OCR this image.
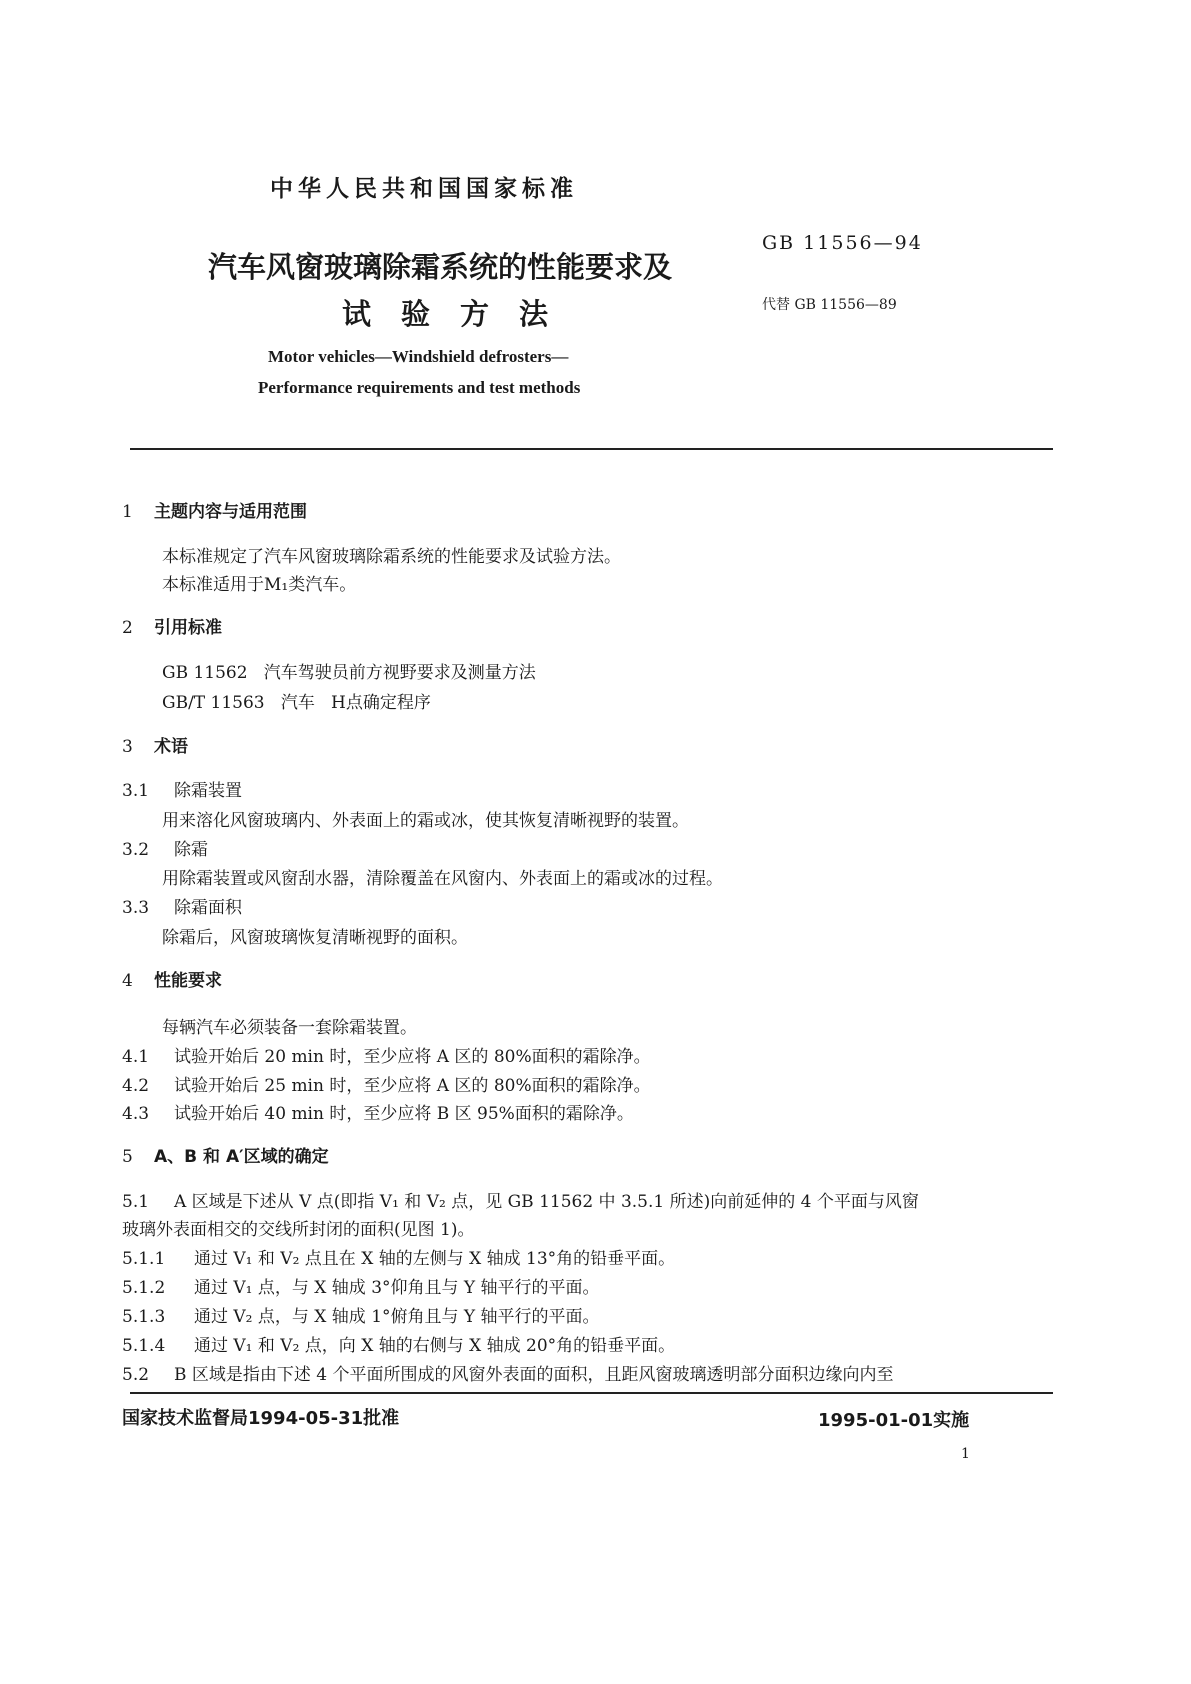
中华人民共和国国家标准
汽车风窗玻璃除霜系统的性能要求及
试验方法
GB 11556—94
代替 GB 11556—89
Motor vehicles—Windshield defrosters—
Performance requirements and test methods
1 主题内容与适用范围
本标准规定了汽车风窗玻璃除霜系统的性能要求及试验方法。
本标准适用于M₁类汽车。
2 引用标准
GB 11562   汽车驾驶员前方视野要求及测量方法
GB/T 11563   汽车   H点确定程序
3 术语
3.1 除霜装置
用来溶化风窗玻璃内、外表面上的霜或冰，使其恢复清晰视野的装置。
3.2 除霜
用除霜装置或风窗刮水器，清除覆盖在风窗内、外表面上的霜或冰的过程。
3.3 除霜面积
除霜后，风窗玻璃恢复清晰视野的面积。
4 性能要求
每辆汽车必须装备一套除霜装置。
4.1 试验开始后 20 min 时，至少应将 A 区的 80%面积的霜除净。
4.2 试验开始后 25 min 时，至少应将 A 区的 80%面积的霜除净。
4.3 试验开始后 40 min 时，至少应将 B 区 95%面积的霜除净。
5 A、B 和 A′区域的确定
5.1 A 区域是下述从 V 点(即指 V₁ 和 V₂ 点，见 GB 11562 中 3.5.1 所述)向前延伸的 4 个平面与风窗
玻璃外表面相交的交线所封闭的面积(见图 1)。
5.1.1 通过 V₁ 和 V₂ 点且在 X 轴的左侧与 X 轴成 13°角的铅垂平面。
5.1.2 通过 V₁ 点，与 X 轴成 3°仰角且与 Y 轴平行的平面。
5.1.3 通过 V₂ 点，与 X 轴成 1°俯角且与 Y 轴平行的平面。
5.1.4 通过 V₁ 和 V₂ 点，向 X 轴的右侧与 X 轴成 20°角的铅垂平面。
5.2 B 区域是指由下述 4 个平面所围成的风窗外表面的面积，且距风窗玻璃透明部分面积边缘向内至
国家技术监督局1994-05-31批准	1995-01-01实施
1
